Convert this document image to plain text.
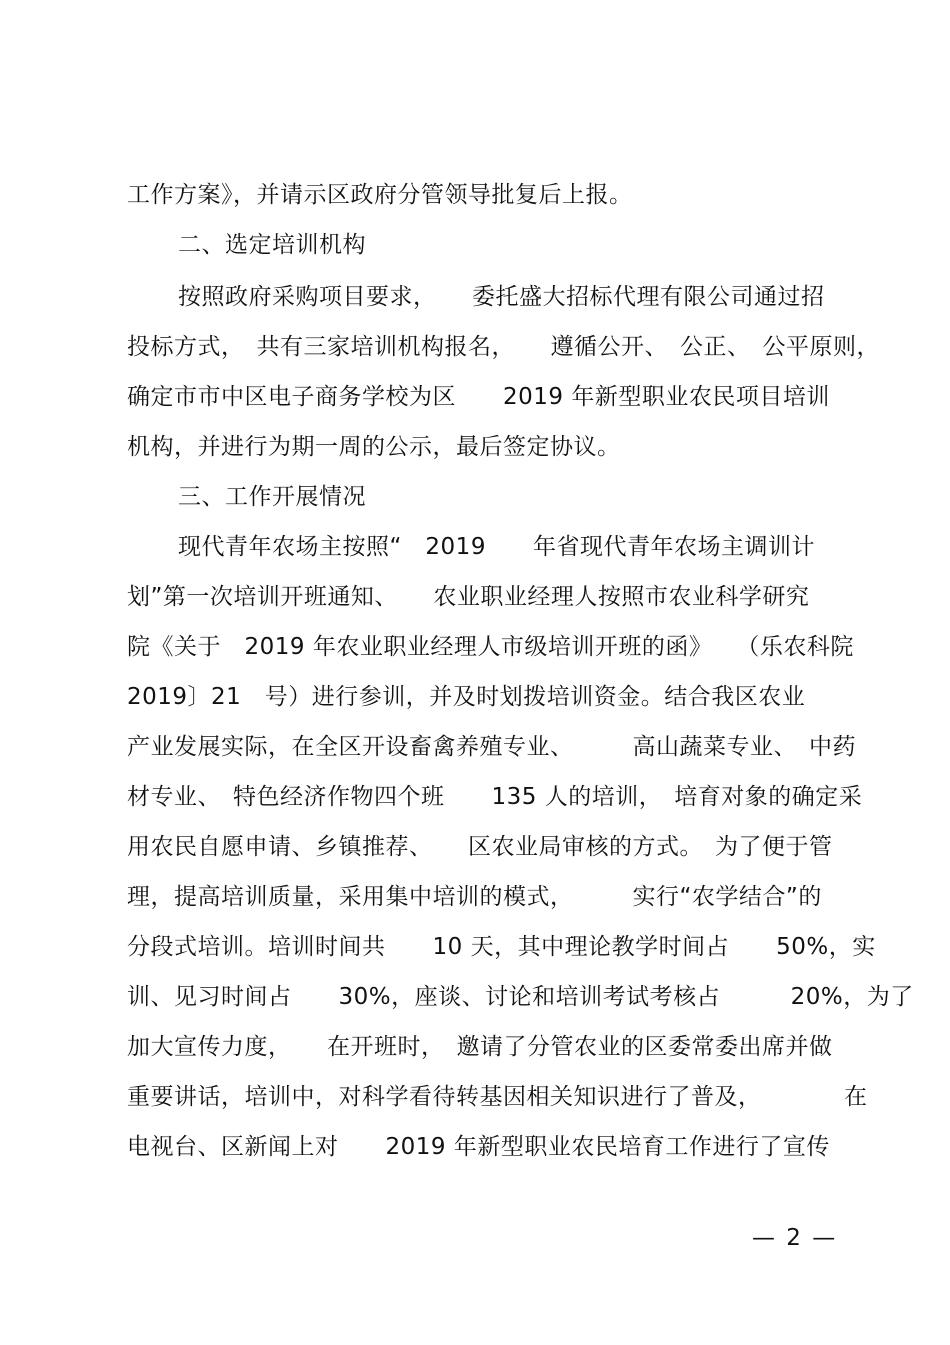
工作方案》，并请示区政府分管领导批复后上报。
二、选定培训机构
按照政府采购项目要求，　　委托盛大招标代理有限公司通过招
投标方式，　共有三家培训机构报名，　　遵循公开、　公正、　公平原则，
确定市市中区电子商务学校为区　　2019 年新型职业农民项目培训
机构，并进行为期一周的公示，最后签定协议。
三、工作开展情况
现代青年农场主按照“　2019　　年省现代青年农场主调训计
划”第一次培训开班通知、　　农业职业经理人按照市农业科学研究
院《关于　2019 年农业职业经理人市级培训开班的函》　　（乐农科院
2019〕21　号）进行参训，并及时划拨培训资金。结合我区农业
产业发展实际，在全区开设畜禽养殖专业、　　　高山蔬菜专业、　中药
材专业、　特色经济作物四个班　　135 人的培训，　培育对象的确定采
用农民自愿申请、乡镇推荐、　　区农业局审核的方式。　为了便于管
理，提高培训质量，采用集中培训的模式，　　　实行“农学结合”的
分段式培训。培训时间共　　10 天，其中理论教学时间占　　50%，实
训、见习时间占　　30%，座谈、讨论和培训考试考核占　　　20%，为了
加大宣传力度，　　在开班时，　邀请了分管农业的区委常委出席并做
重要讲话，培训中，对科学看待转基因相关知识进行了普及，　　　　在
电视台、区新闻上对　　2019 年新型职业农民培育工作进行了宣传
— 2 —
